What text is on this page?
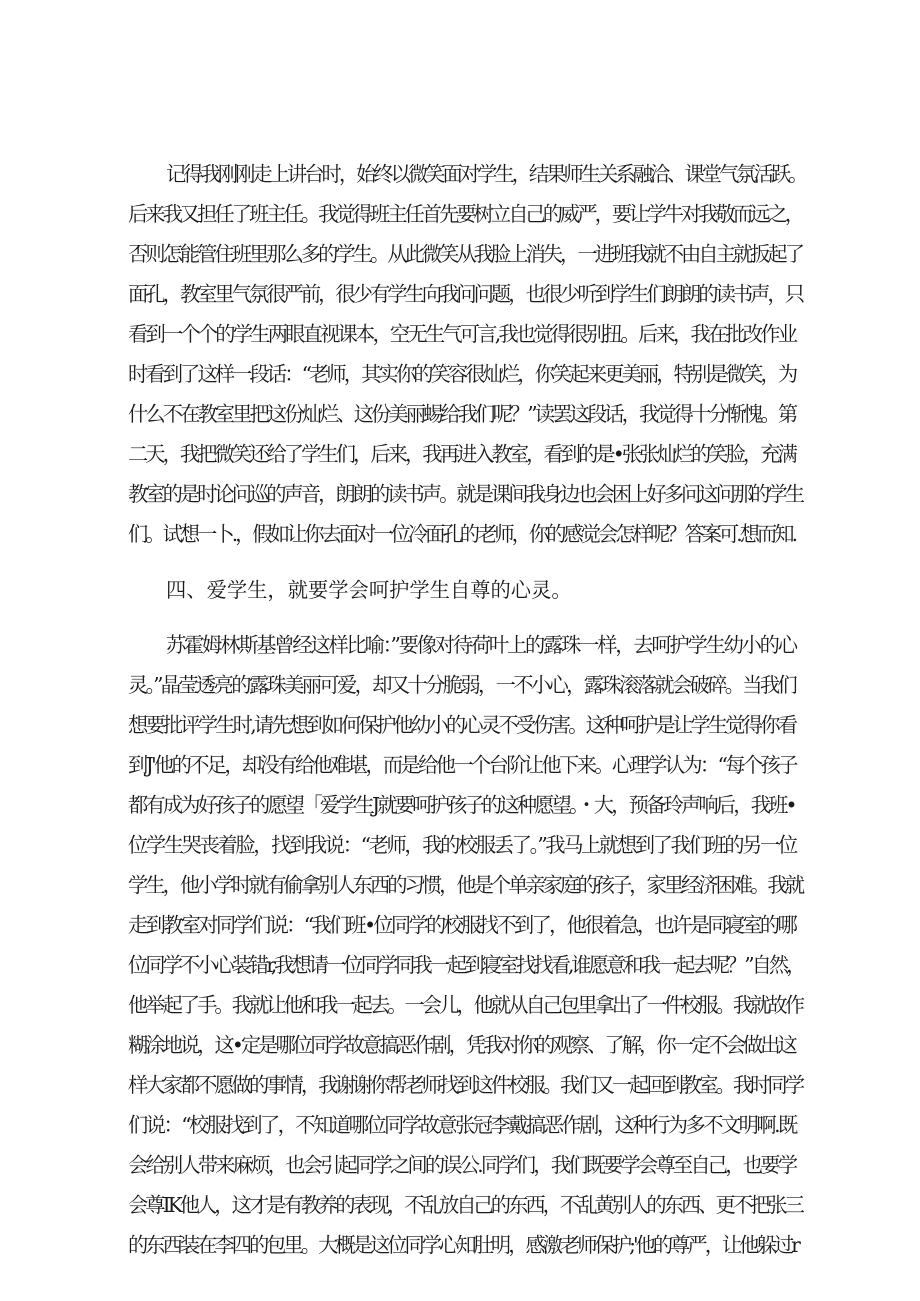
记得我刚刚走上讲台时，始终以微笑面对学生，结果师生关系融洽、课堂气氛活跃。
后来我又担任了班主任。我觉得班主任首先要树立自己的威严，要让学牛对我敬而远之，
否则怎能管住班里那么多的学生。从此微笑从我脸上消失，一进班我就不由自主就扳起了
面孔，教室里气氛很严前，很少有学生向我问问题，也很少听到学生们朗朗的读书声，只
看到一个个的学生两眼直视课本，空无生气可言,我也觉得很别扭。后来，我在批改作业
时看到了这样一段话：“老师，其实你的笑容很灿烂，你笑起来更美丽，特别是微笑，为
什么不在教室里把这份灿烂、这份美丽蜴给我们呢？”读罢这段话，我觉得十分惭愧。第
二天，我把微笑还给了学生们，后来，我再进入教室，看到的是•张张灿烂的笑脸，充满
教室的是时论问巡的声音，朗朗的读书声。就是课间我身边也会困上好多问这问那的学生
们。试想一卜.，假如让你去面对一位冷面孔的老师，你的感觉会怎样呢？答案可.想而知.
四、爱学生，就要学会呵护学生自尊的心灵。
苏霍姆林斯基曾经这样比喻：”要像对待荷叶上的露珠一样，去呵护学生幼小的心
灵。”晶莹透亮的露珠美丽可爱，却又十分脆弱，一不小心，露珠滚落就会破碎。当我们
想要批评学生时,请先想到如何保护他幼小的心灵不受伤害。这种呵护是让学生觉得你看
到J'他的不足，却没有给他难堪，而是给他一个台阶让他下来。心理学认为：“每个孩子
都有成为好孩子的愿望「爱学生J就要呵护孩子的这种愿望。・大，预备玲声响后，我班•
位学生哭丧着脸，找到我说：“老师，我的校服丢了。”我马上就想到了我们班的另一位
学生，他小学时就有偷拿别人东西的习惯，他是个单亲家庭的孩子，家里经济困难。我就
走到教室对同学们说：“我们班•位同学的校服找不到了，他很着急，也许是同寝室的哪
位同学不小心装错r,我想请一位同学同我一起到寝室找找看,谁愿意和我一起去呢？”自然，
他举起了手。我就让他和我一起去。一会儿，他就从自己包里拿出了一件校服。我就故作
糊涂地说，这•定是哪位同学故意搞恶作剧，凭我对你的观察、了解，你一定不会做出这
样大家都不愿做的事情，我谢谢你帮老师找到这件校服。我们又一起回到教室。我时同学
们说：“校服找到了，不知道哪位同学故意张冠李戴搞恶作剧，这种行为多不文明啊.既
会给别人带来麻烦，也会引起同学之间的误公.同学们，我们既要学会尊至自己，也要学
会尊IK他人，这才是有教养的表现，不乱放自己的东西，不乱黄别人的东西、更不把张三
的东西装在李四的包里。大概是这位同学心知肚明，感激老师保护;'他的尊严，让他躲过r
